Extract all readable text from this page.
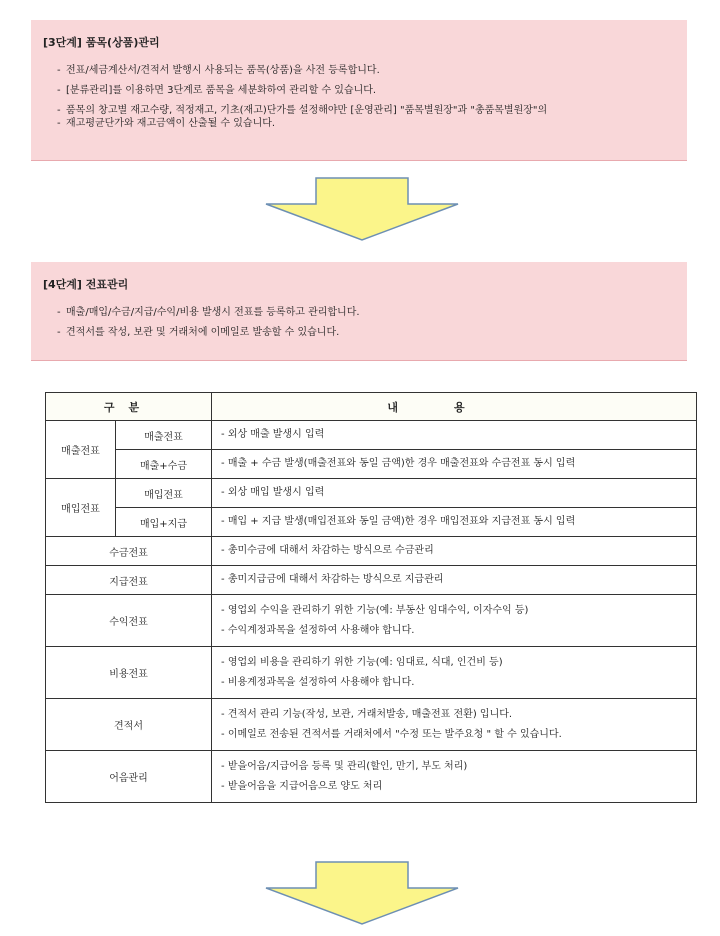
[3단계] 품목(상품)관리
- 전표/세금계산서/견적서 발행시 사용되는 품목(상품)을 사전 등록합니다.
- [분류관리]를 이용하면 3단계로 품목을 세분화하여 관리할 수 있습니다.
- 품목의 창고별 재고수량, 적정재고, 기초(재고)단가를 설정해야만 [운영관리] "품목별원장"과 "총품목별원장"의
- 재고평균단가와 재고금액이 산출될 수 있습니다.
[4단계] 전표관리
- 매출/매입/수금/지급/수익/비용 발생시 전표를 등록하고 관리합니다.
- 견적서를 작성, 보관 및 거래처에 이메일로 발송할 수 있습니다.
구분		내용
매출전표	매출전표	- 외상 매출 발생시 입력

	매출+수금	- 매출 + 수금 발생(매출전표와 동일 금액)한 경우 매출전표와 수금전표 동시 입력

매입전표	매입전표	- 외상 매입 발생시 입력

	매입+지급	- 매입 + 지급 발생(매입전표와 동일 금액)한 경우 매입전표와 지급전표 동시 입력

수금전표		- 총미수금에 대해서 차감하는 방식으로 수금관리

지급전표		- 총미지급금에 대해서 차감하는 방식으로 지급관리

수익전표		- 영업외 수익을 관리하기 위한 기능(예: 부동산 임대수익, 이자수익 등)
- 수익계정과목을 설정하여 사용해야 합니다.

비용전표		- 영업외 비용을 관리하기 위한 기능(예: 임대료, 식대, 인건비 등)
- 비용계정과목을 설정하여 사용해야 합니다.

견적서		- 견적서 관리 기능(작성, 보관, 거래처발송, 매출전표 전환) 입니다.
- 이메일로 전송된 견적서를 거래처에서 "수정 또는 발주요청 " 할 수 있습니다.

어음관리		- 받을어음/지급어음 등록 및 관리(할인, 만기, 부도 처리)
- 받을어음을 지급어음으로 양도 처리
